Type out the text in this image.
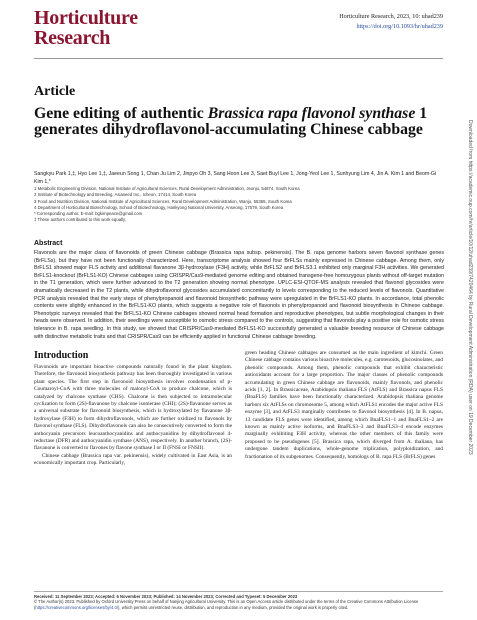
Horticulture
Research
Horticulture Research, 2023, 10: uhad239
https://doi.org/10.1093/hr/uhad239
Downloaded from https://academic.oup.com/hr/article/10/12/uhad239/7420464 by Rural Development Administration (RDA) user on 19 December 2023
Article
Gene editing of authentic Brassica rapa flavonol synthase 1 generates dihydroflavonol-accumulating Chinese cabbage
Sangkyu Park 1,‡, Hyo Lee 1,‡, Jaeeun Song 1, Chan Ju Lim 2, Jinpyo Oh 3, Sang Hoon Lee 3, Saet Buyl Lee 1, Jong-Yeol Lee 1, Sunhyung Lim 4, Jin A. Kim 1 and Beom-Gi Kim 1,*
1 Metabolic Engineering Division, National Institute of Agricultural Sciences, Rural Development Administration, Jeonju, 54874, South Korea
2 Institute of Biotechnology and Breeding, Asiaseed Inc., Icheon, 17414, South Korea
3 Food and Nutrition Division, National Institute of Agricultural Sciences, Rural Development Administration, Wanju, 55365, South Korea
4 Department of Horticultural Biotechnology, School of Biotechnology, Hankyong National University, Anseong, 17579, South Korea
* Corresponding author. E-mail: bgkimpeace@gmail.com
‡ These authors contributed to this work equally.
Abstract
Flavonols are the major class of flavonoids of green Chinese cabbage (Brassica rapa subsp. pekinensis). The B. rapa genome harbors seven flavonol synthase genes (BrFLSs), but they have not been functionally characterized. Here, transcriptome analysis showed four BrFLSs mainly expressed in Chinese cabbage. Among them, only BrFLS1 showed major FLS activity and additional flavanone 3β-hydroxylase (F3H) activity, while BrFLS2 and BrFLS3.1 exhibited only marginal F3H activities. We generated BrFLS1-knockout (BrFLS1-KO) Chinese cabbages using CRISPR/Cas9-mediated genome editing and obtained transgene-free homozygous plants without off-target mutation in the T1 generation, which were further advanced to the T2 generation showing normal phenotype. UPLC-ESI-QTOF-MS analysis revealed that flavonol glycosides were dramatically decreased in the T2 plants, while dihydroflavonol glycosides accumulated concomitantly to levels corresponding to the reduced levels of flavonols. Quantitative PCR analysis revealed that the early steps of phenylpropanoid and flavonoid biosynthetic pathway were upregulated in the BrFLS1-KO plants. In accordance, total phenolic contents were slightly enhanced in the BrFLS1-KO plants, which suggests a negative role of flavonols in phenylpropanoid and flavonoid biosynthesis in Chinese cabbage. Phenotypic surveys revealed that the BrFLS1-KO Chinese cabbages showed normal head formation and reproductive phenotypes, but subtle morphological changes in their heads were observed. In addition, their seedlings were susceptible to osmotic stress compared to the controls, suggesting that flavonols play a positive role for osmotic stress tolerance in B. rapa seedling. In this study, we showed that CRISPR/Cas9-mediated BrFLS1-KO successfully generated a valuable breeding resource of Chinese cabbage with distinctive metabolic traits and that CRISPR/Cas9 can be efficiently applied in functional Chinese cabbage breeding.
Introduction

Flavonoids are important bioactive compounds naturally found in the plant kingdom. Therefore, the flavonoid biosynthesis pathway has been thoroughly investigated in various plant species. The first step in flavonoid biosynthesis involves condensation of p-Coumaroyl-CoA with three molecules of malonyl-CoA to produce chalcone, which is catalyzed by chalcone synthase (CHS). Chalcone is then subjected to intramolecular cyclization to form (2S)-flavanone by chalcone isomerase (CHI); (2S)-flavanone serves as a universal substrate for flavonoid biosynthesis, which is hydroxylated by flavanone 3β-hydroxylase (F3H) to form dihydroflavonols, which are further oxidized to flavonols by flavonol synthase (FLS). Dihydroflavonols can also be consecutively converted to form the anthocyanin precursors leucoanthocyanidins and anthocyanidins by dihydroflavonol 4-reductase (DFR) and anthocyanidin synthase (ANS), respectively. In another branch, (2S)-flavanone is converted to flavones by flavone synthase I or II (FNSI or FNSII).

Chinese cabbage (Brassica rapa var. pekinensis), widely cultivated in East Asia, is an economically important crop. Particularly,

green heading Chinese cabbages are consumed as the main ingredient of kimchi. Green Chinese cabbage contains various bioactive molecules, e.g. carotenoids, glucosinolates, and phenolic compounds. Among them, phenolic compounds that exhibit characteristic antioxidants account for a large proportion. The major classes of phenolic compounds accumulating in green Chinese cabbage are flavonoids, mainly flavonols, and phenolic acids [1, 2]. In Brassicaceae, Arabidopsis thaliana FLS (AtFLS) and Brassica napus FLS (BnaFLS) families have been functionally characterized. Arabidopsis thaliana genome harbors six AtFLSs on chromosome 5, among which AtFLS1 encodes the major active FLS enzyme [3], and AtFLS3 marginally contributes to flavonol biosynthesis [4]. In B. napus, 13 candidate FLS genes were identified, among which BnaFLS1–1 and BnaFLS1–2 are known as mainly active isoforms, and BnaFLS3–3 and BnaFLS3–4 encode enzymes marginally exhibiting F3H activity, whereas the other members of this family were proposed to be pseudogenes [5]. Brassica rapa, which diverged from A. thaliana, has undergone tandem duplications, whole-genome triplication, polyploidization, and fractionation of its subgenomes. Consequently, homologs of B. rapa FLS (BrFLS) genes

Received: 11 September 2023; Accepted: 6 November 2023; Published: 14 November 2023; Corrected and Typeset: 5 December 2023
© The Author(s) 2023. Published by Oxford University Press on behalf of Nanjing Agricultural University. This is an Open Access article distributed under the terms of the Creative Commons Attribution License (https://creativecommons.org/licenses/by/4.0/), which permits unrestricted reuse, distribution, and reproduction in any medium, provided the original work is properly cited.
